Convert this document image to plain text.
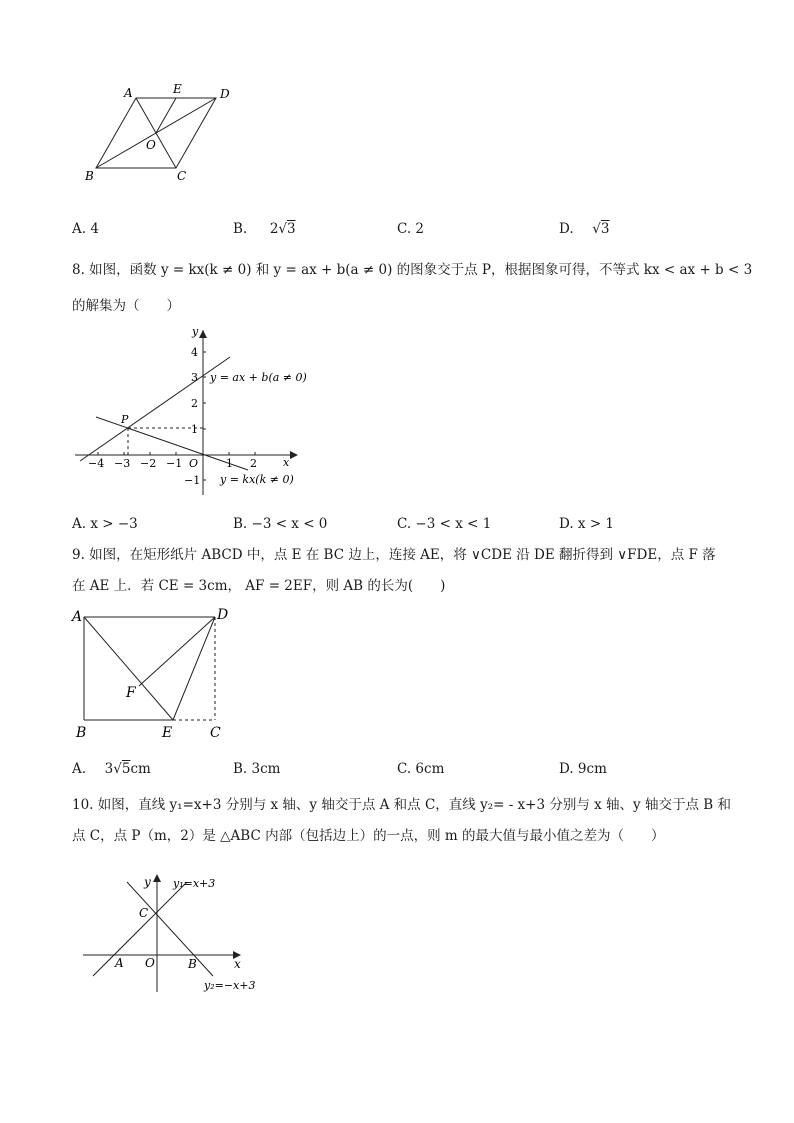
A	E	D
O
B	C
A. 4	B. 2√3	C. 2	D. √3
8. 如图，函数 y = kx(k ≠ 0) 和 y = ax + b(a ≠ 0) 的图象交于点 P，根据图象可得，不等式 kx < ax + b < 3
的解集为（　　）
x
y
O
P
y = ax + b(a ≠ 0)
y = kx(k ≠ 0)
−4 −3 −2 −1	1 2
4
3
2
1
−1
A. x > −3	B. −3 < x < 0	C. −3 < x < 1	D. x > 1
9. 如图，在矩形纸片 ABCD 中，点 E 在 BC 边上，连接 AE，将 ∨CDE 沿 DE 翻折得到 ∨FDE，点 F 落
在 AE 上．若 CE = 3cm， AF = 2EF，则 AB 的长为(　　)
A	D
F
B	E	C
A. 3√5cm	B. 3cm	C. 6cm	D. 9cm
10. 如图，直线 y₁=x+3 分别与 x 轴、y 轴交于点 A 和点 C，直线 y₂= - x+3 分别与 x 轴、y 轴交于点 B 和
点 C，点 P（m，2）是 △ABC 内部（包括边上）的一点，则 m 的最大值与最小值之差为（　　）
y y₁=x+3
C
A O	B	x
y₂=−x+3
